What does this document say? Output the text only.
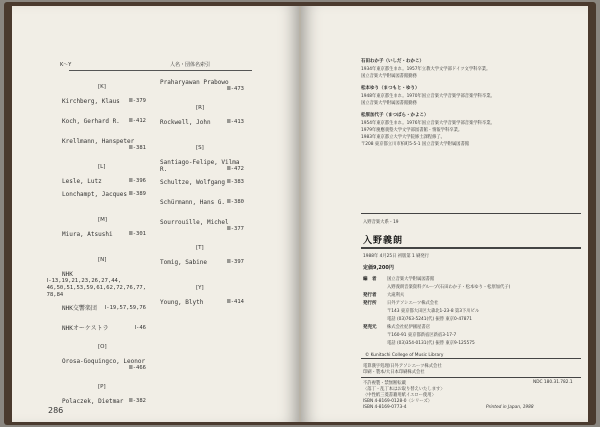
K〜Y	人名・団体名索引
[K]
Kirchberg, Klaus Ⅲ-379
Koch, Gerhard R. Ⅲ-412
Krellmann, Hanspeter
Ⅲ-381
[L]
Lesle, Lutz	Ⅲ-396
Lonchampt, Jacques Ⅲ-389
[M]
Miura, Atsushi	Ⅲ-301
[N]
NHK
Ⅰ-13,19,21,23,26,27,44, 46,50,51,53,59,61,62,72,76,77, 78,84
NHK交響楽団 Ⅰ-19,57,59,76
NHKオーケストラ	Ⅰ-46
[O]
Orosa-Goquingco, Leonor
Ⅲ-466
[P]
Polaczek, Dietmar Ⅲ-382
Praharyawan Prabowo
Ⅲ-473
[R]
Rockwell, John	Ⅲ-413
[S]
Santiago-Felipe, Vilma R.	Ⅲ-472
Schultze, Wolfgang Ⅲ-383
Schürmann, Hans G. Ⅲ-380
Sourrouille, Michel
Ⅲ-377
[T]
Tomig, Sabine	Ⅲ-397
[Y]
Young, Blyth	Ⅲ-414
286
石田わか子（いしだ・わかこ）
1934年東京都生まれ。1957年立教大学文学部ドイツ文学科卒業。
国立音楽大学附属図書館勤務
松本ゆり（まつもと・ゆり）
1948年東京都生まれ。1970年国立音楽大学音楽学部音楽学科卒業。
国立音楽大学附属図書館勤務
松原加代子（まつばら・かよこ）
1954年東京都生まれ。1976年国立音楽大学音楽学部音楽学科卒業。
1979年慶應義塾大学文学部図書館・情報学科卒業。
1983年東京都立大学大学院修士課程修了。
〒208 東京都立川市柏町5-5-1 国立音楽大学附属図書館
入野音楽大系・19
入野義朗
1988年 4月25日 初版第 1 刷発行
定価9,200円
編　者 国立音楽大学附属図書館
入野義朗音楽資料グループ(石田わか子・松本ゆり・松原加代子)
発行者 大滝利夫
発行所 日外アソシエーツ株式会社
〒143 東京都大田区大森北1-23-8 第3下川ビル
電話 (03)763-5241(代) 振替 東京0-47871
発売元 株式会社紀伊國屋書店
〒160-91 東京都新宿区新宿3-17-7
電話 (03)354-0131(代) 振替 東京9-125575
© Kunitachi College of Music Library
電算漢字処理/日外アソシエーツ株式会社
印刷・製本/大日本印刷株式会社
不許複製・禁無断転載	NDC 180.31.782.1
〈落丁・乱丁本はお取り替えいたします〉
〈中性紙三菱書籍用紙イエロー使用〉
ISBN 4-8169-0128-0〈シリーズ〉
ISBN 4-8169-0773-4	Printed in Japan, 1988
